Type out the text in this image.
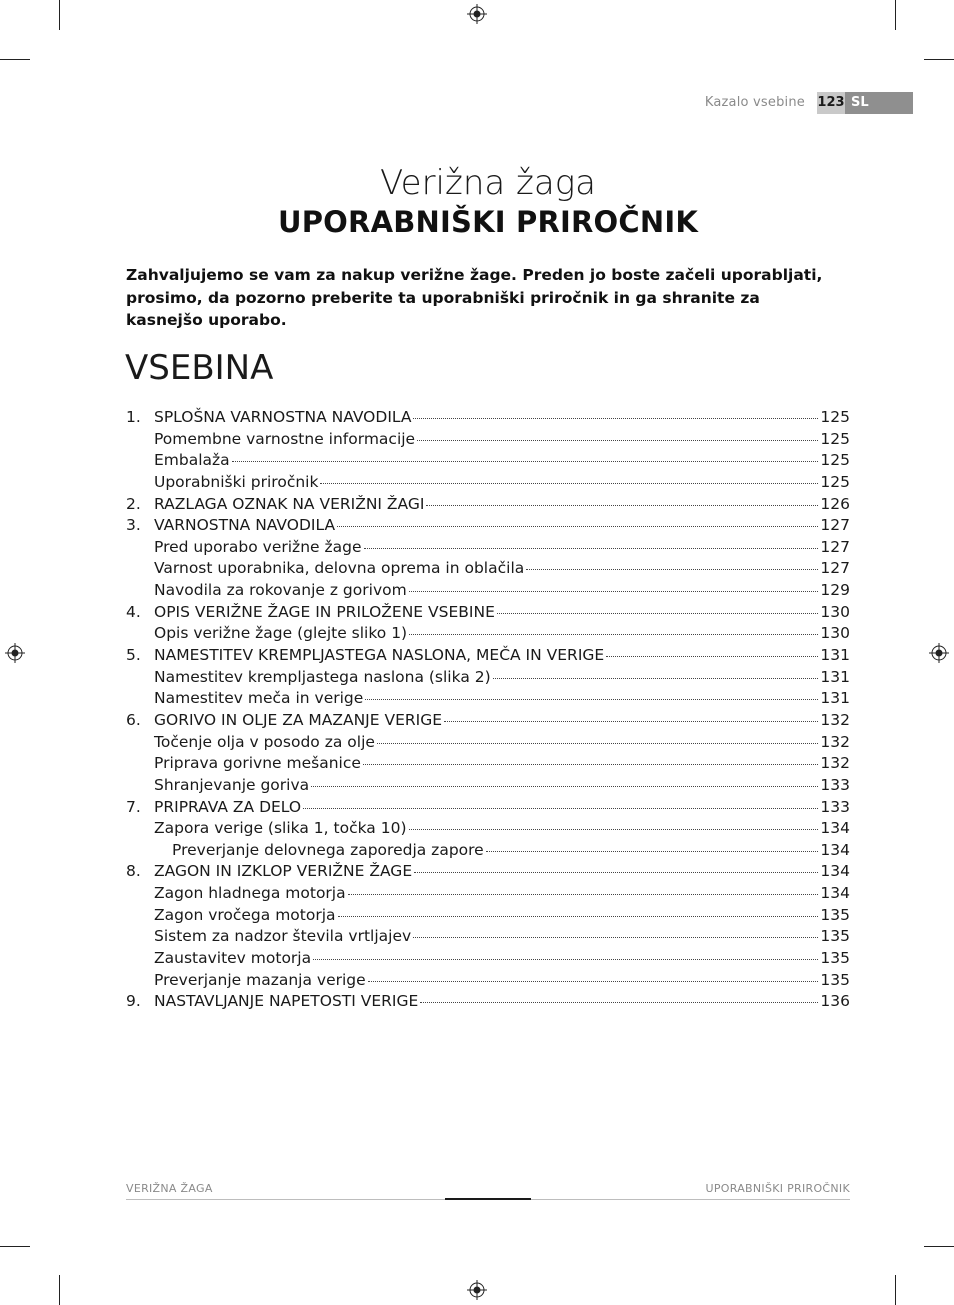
Kazalo vsebine 123 SL
Verižna žaga
UPORABNIŠKI PRIROČNIK
Zahvaljujemo se vam za nakup verižne žage. Preden jo boste začeli uporabljati, prosimo, da pozorno preberite ta uporabniški priročnik in ga shranite za kasnejšo uporabo.
VSEBINA
1. SPLOŠNA VARNOSTNA NAVODILA	125
Pomembne varnostne informacije	125
Embalaža	125
Uporabniški priročnik	125
2. RAZLAGA OZNAK NA VERIŽNI ŽAGI	126
3. VARNOSTNA NAVODILA	127
Pred uporabo verižne žage	127
Varnost uporabnika, delovna oprema in oblačila	127
Navodila za rokovanje z gorivom	129
4. OPIS VERIŽNE ŽAGE IN PRILOŽENE VSEBINE	130
Opis verižne žage (glejte sliko 1)	130
5. NAMESTITEV KREMPLJASTEGA NASLONA, MEČA IN VERIGE	131
Namestitev krempljastega naslona (slika 2)	131
Namestitev meča in verige	131
6. GORIVO IN OLJE ZA MAZANJE VERIGE	132
Točenje olja v posodo za olje	132
Priprava gorivne mešanice	132
Shranjevanje goriva	133
7. PRIPRAVA ZA DELO	133
Zapora verige (slika 1, točka 10)	134
Preverjanje delovnega zaporedja zapore	134
8. ZAGON IN IZKLOP VERIŽNE ŽAGE	134
Zagon hladnega motorja	134
Zagon vročega motorja	135
Sistem za nadzor števila vrtljajev	135
Zaustavitev motorja	135
Preverjanje mazanja verige	135
9. NASTAVLJANJE NAPETOSTI VERIGE	136
VERIŽNA ŽAGA	UPORABNIŠKI PRIROČNIK
